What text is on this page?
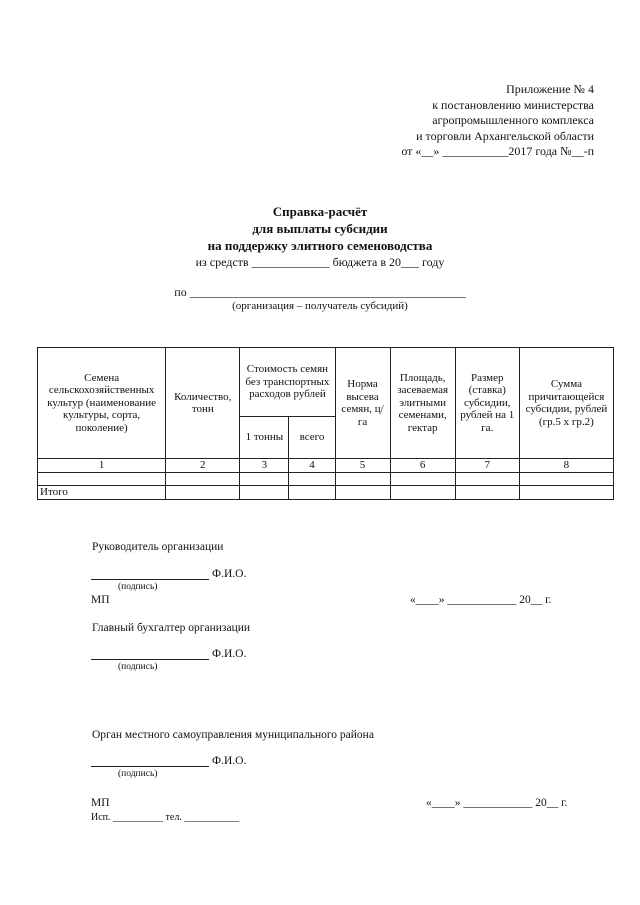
Приложение № 4
к постановлению министерства
агропромышленного комплекса
и торговли Архангельской области
от «__» ___________2017 года №__-п
Справка-расчёт
для выплаты субсидии
на поддержку элитного семеноводства
из средств _____________ бюджета в 20___ году
по ______________________________________________
(организация – получатель субсидий)
Семена сельскохозяйственных культур (наименование культуры, сорта, поколение)	Количество, тонн	Стоимость семян без транспортных расходов рублей		Норма высева семян, ц/га	Площадь, засеваемая элитными семенами, гектар	Размер (ставка) субсидии, рублей на 1 га.	Сумма причитающейся субсидии, рублей (гр.5 х гр.2)
		1 тонны	всего				
1	2	3	4	5	6	7	8

Итого							
Руководитель организации
Ф.И.О.
(подпись)
МП	«____» ____________ 20__ г.
Главный бухгалтер организации
Ф.И.О.
(подпись)
Орган местного самоуправления муниципального района
Ф.И.О.
(подпись)
МП	«____» ____________ 20__ г.
Исп. __________ тел. ___________
